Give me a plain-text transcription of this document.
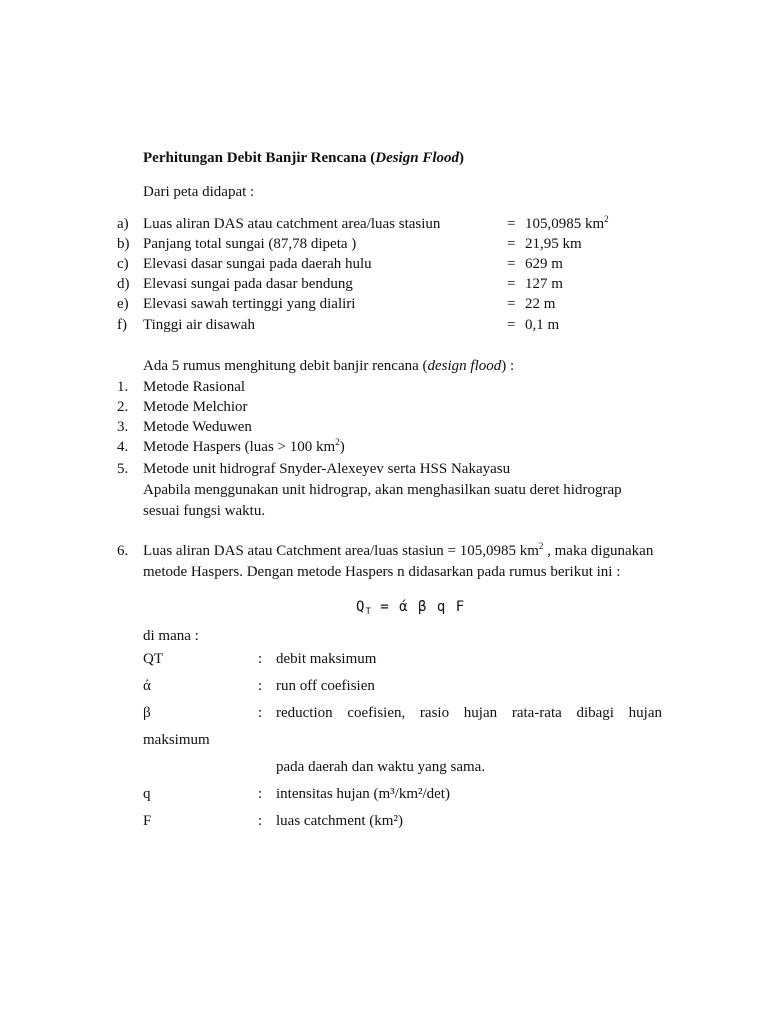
Perhitungan Debit Banjir Rencana (Design Flood)
Dari peta didapat :
a) Luas aliran DAS atau catchment area/luas stasiun	= 105,0985 $km^2$
b) Panjang total sungai (87,78 dipeta )	= 21,95 km
c) Elevasi dasar sungai pada daerah hulu	= 629 m
d) Elevasi sungai pada dasar bendung	= 127 m
e) Elevasi sawah tertinggi yang dialiri	= 22 m
f) Tinggi air disawah	= 0,1 m
Ada 5 rumus menghitung debit banjir rencana (design flood) :
1. Metode Rasional
2. Metode Melchior
3. Metode Weduwen
4. Metode Haspers (luas > 100 $km^2$)
5. Metode unit hidrograf Snyder-Alexeyev serta HSS Nakayasu
Apabila menggunakan unit hidrograp, akan menghasilkan suatu deret hidrograp
sesuai fungsi waktu.
6. Luas aliran DAS atau Catchment area/luas stasiun = 105,0985 $km^2$ , maka digunakan
metode Haspers. Dengan metode Haspers n didasarkan pada rumus berikut ini :
$Q_T = ά$ β q F
di mana :
QT	: debit maksimum
ά	: run off coefisien
β	: reduction coefisien, rasio hujan rata-rata dibagi hujan
maksimum
pada daerah dan waktu yang sama.
q	: intensitas hujan (m³/km²/det)
F	: luas catchment (km²)
